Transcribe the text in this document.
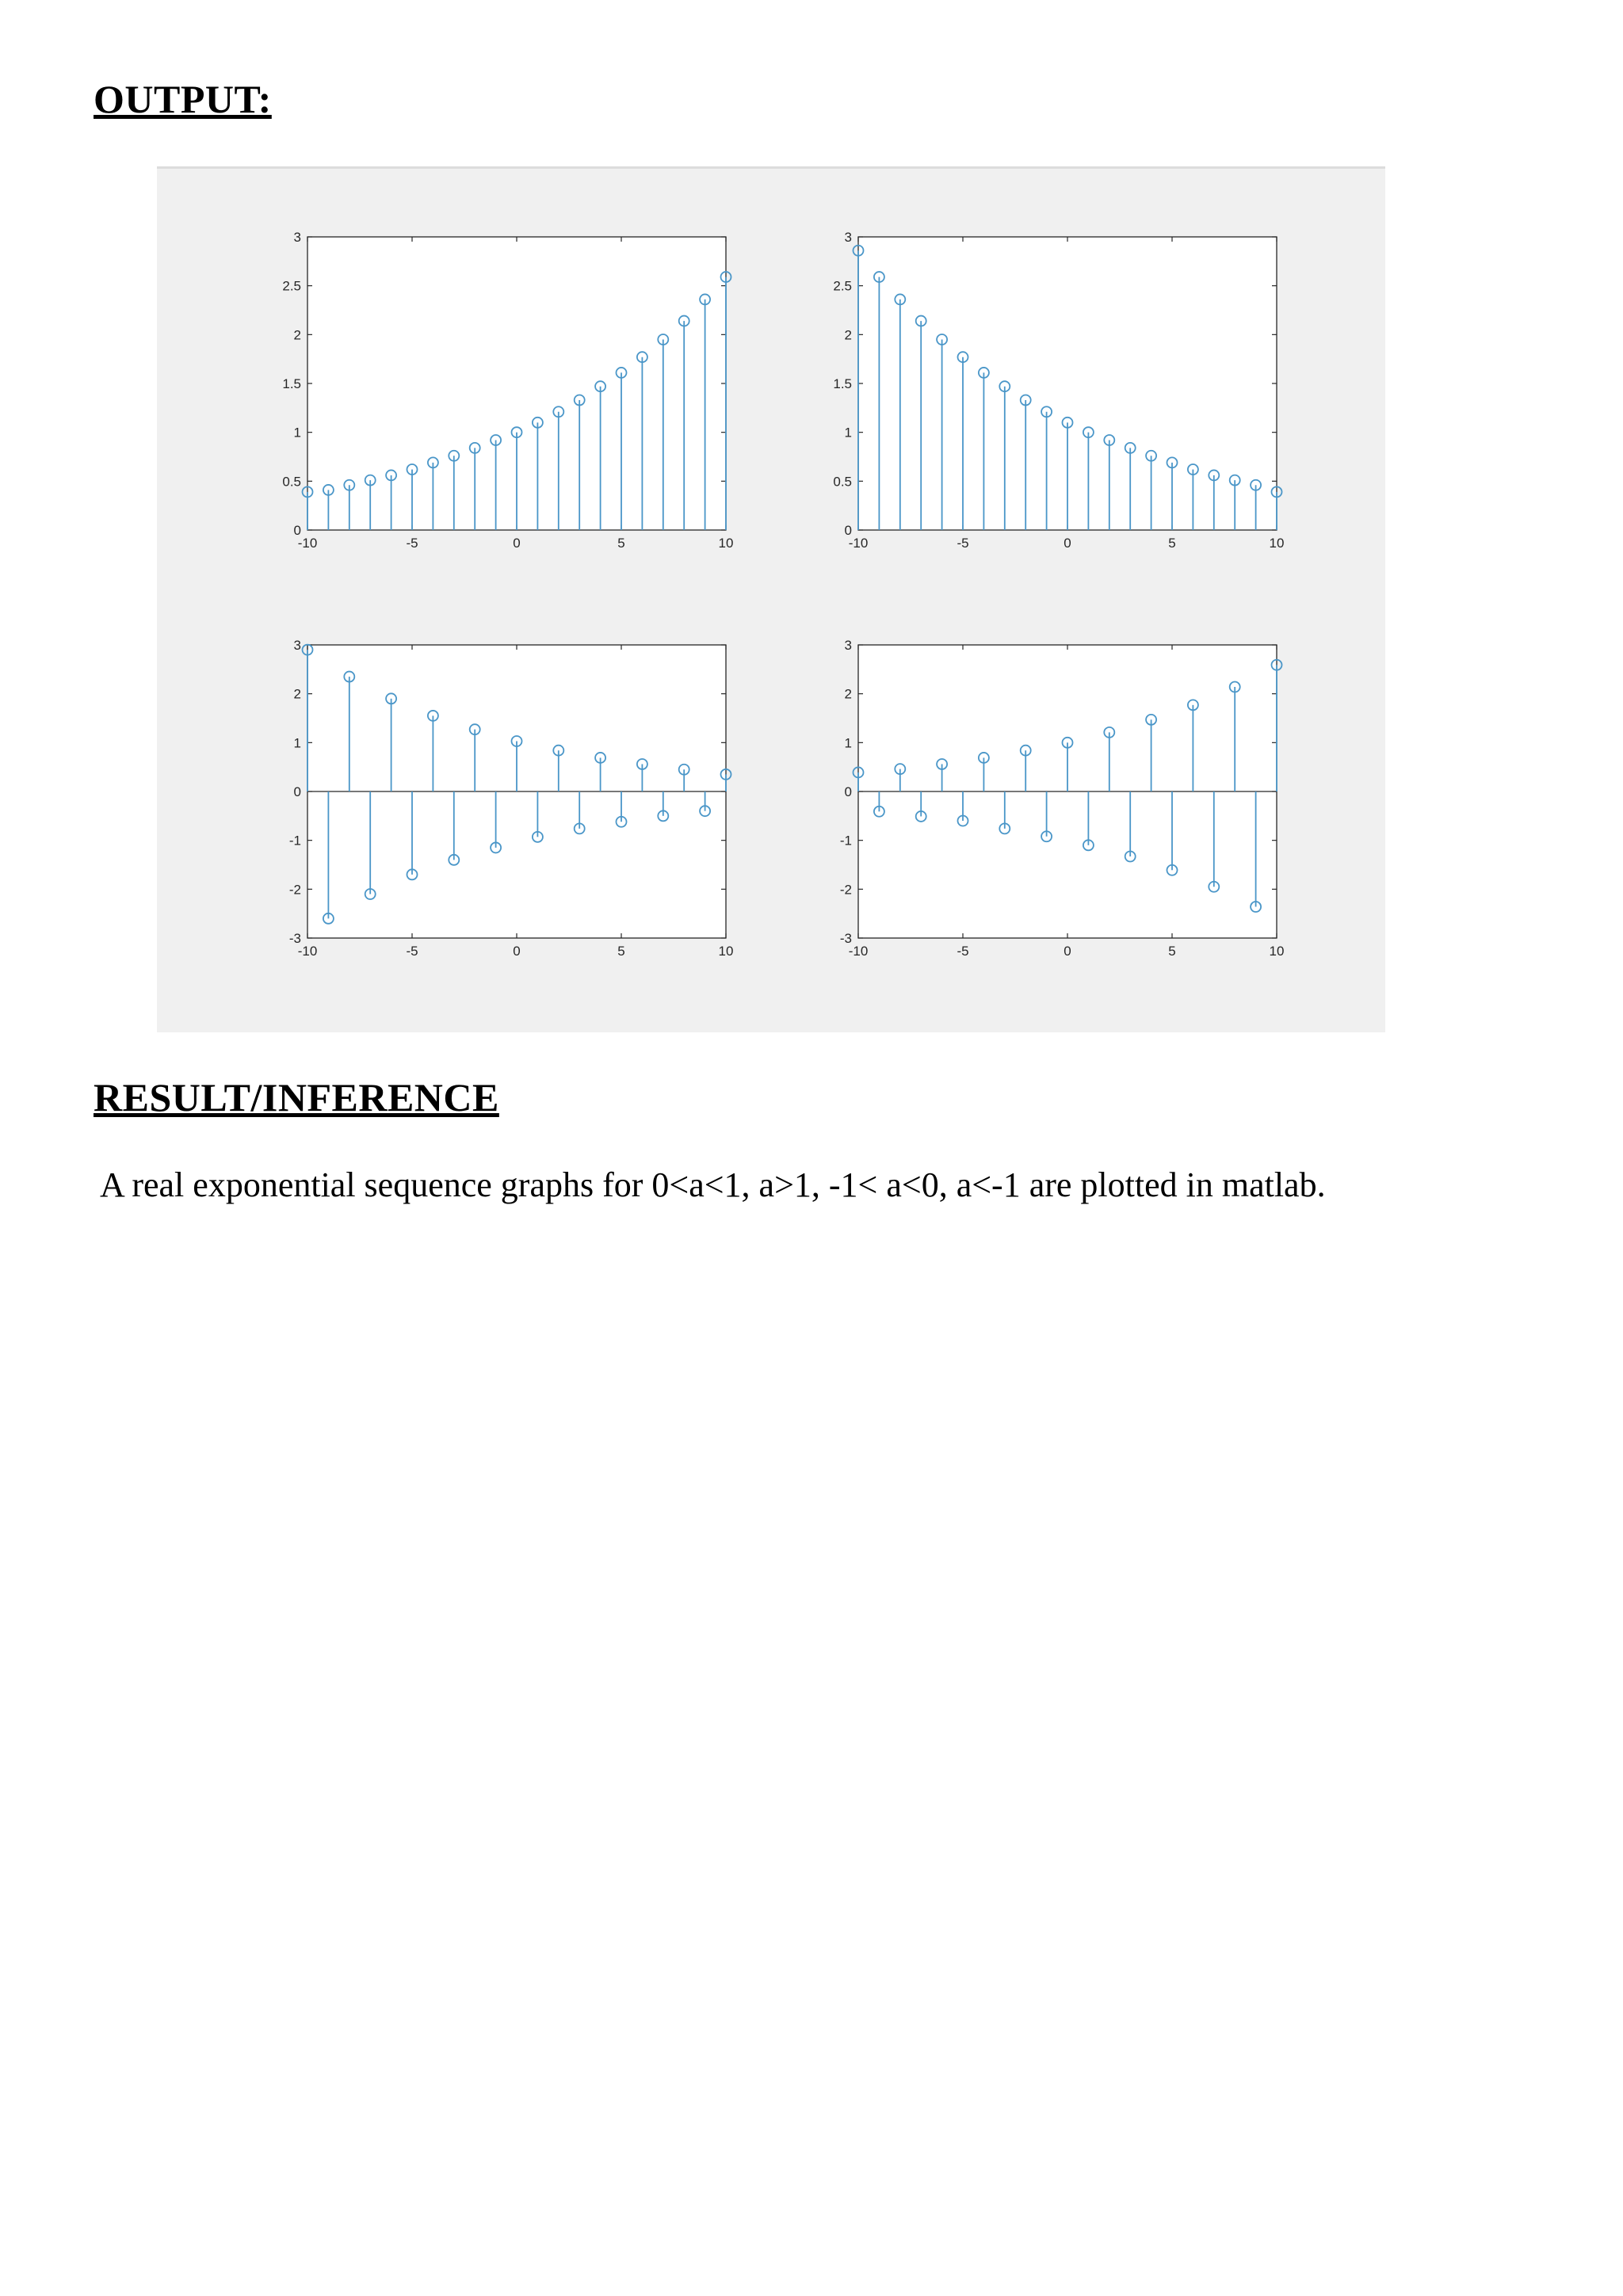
OUTPUT:
-10	-5	0	5	10
0
0.5
1
1.5
2
2.5
3
-10	-5	0	5	10
0
0.5
1
1.5
2
2.5
3
-10	-5	0	5	10
-3
-2
-1
0
1
2
3
-10	-5	0	5	10
-3
-2
-1
0
1
2
3
RESULT/INFERENCE

A real exponential sequence graphs for 0<a<1, a>1, -1< a<0, a<-1 are plotted in matlab.
